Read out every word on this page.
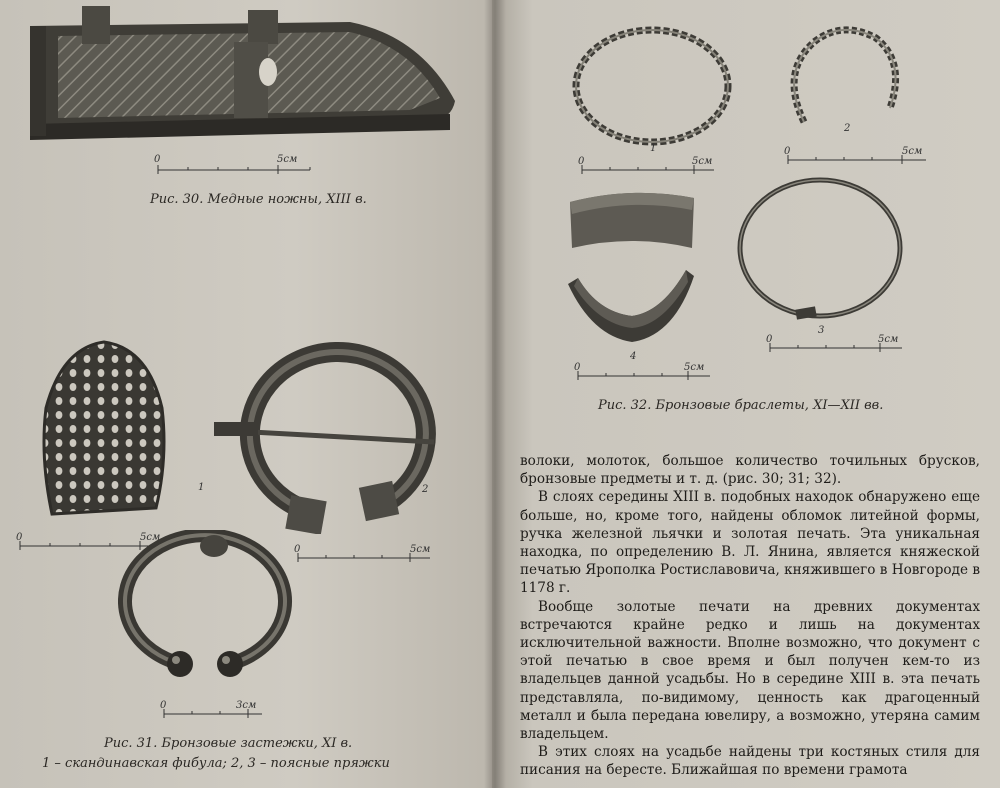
0	5см
Рис. 30. Медные ножны, XIII в.
1
0	5см
2
0	5см
0	3см
Рис. 31. Бронзовые застежки, XI в.
1 – скандинавская фибула; 2, 3 – поясные пряжки
1
0	5см
2
0	5см
4
0	5см
3
0	5см
Рис. 32. Бронзовые браслеты, XI—XII вв.

волоки, молоток, большое количество точильных брусков, бронзовые предметы и т. д. (рис. 30; 31; 32).

В слоях середины XIII в. подобных находок обнаружено еще больше, но, кроме того, найдены обломок литейной формы, ручка железной льячки и золотая печать. Эта уникальная находка, по определению В. Л. Янина, является княжеской печатью Ярополка Ростиславовича, княжившего в Новгороде в 1178 г.

Вообще золотые печати на древних документах встречаются крайне редко и лишь на документах исключительной важности. Вполне возможно, что документ с этой печатью в свое время и был получен кем-то из владельцев данной усадьбы. Но в середине XIII в. эта печать представляла, по-видимому, ценность как драгоценный металл и была передана ювелиру, а возможно, утеряна самим владельцем.

В этих слоях на усадьбе найдены три костяных стиля для писания на бересте. Ближайшая по времени грамота
